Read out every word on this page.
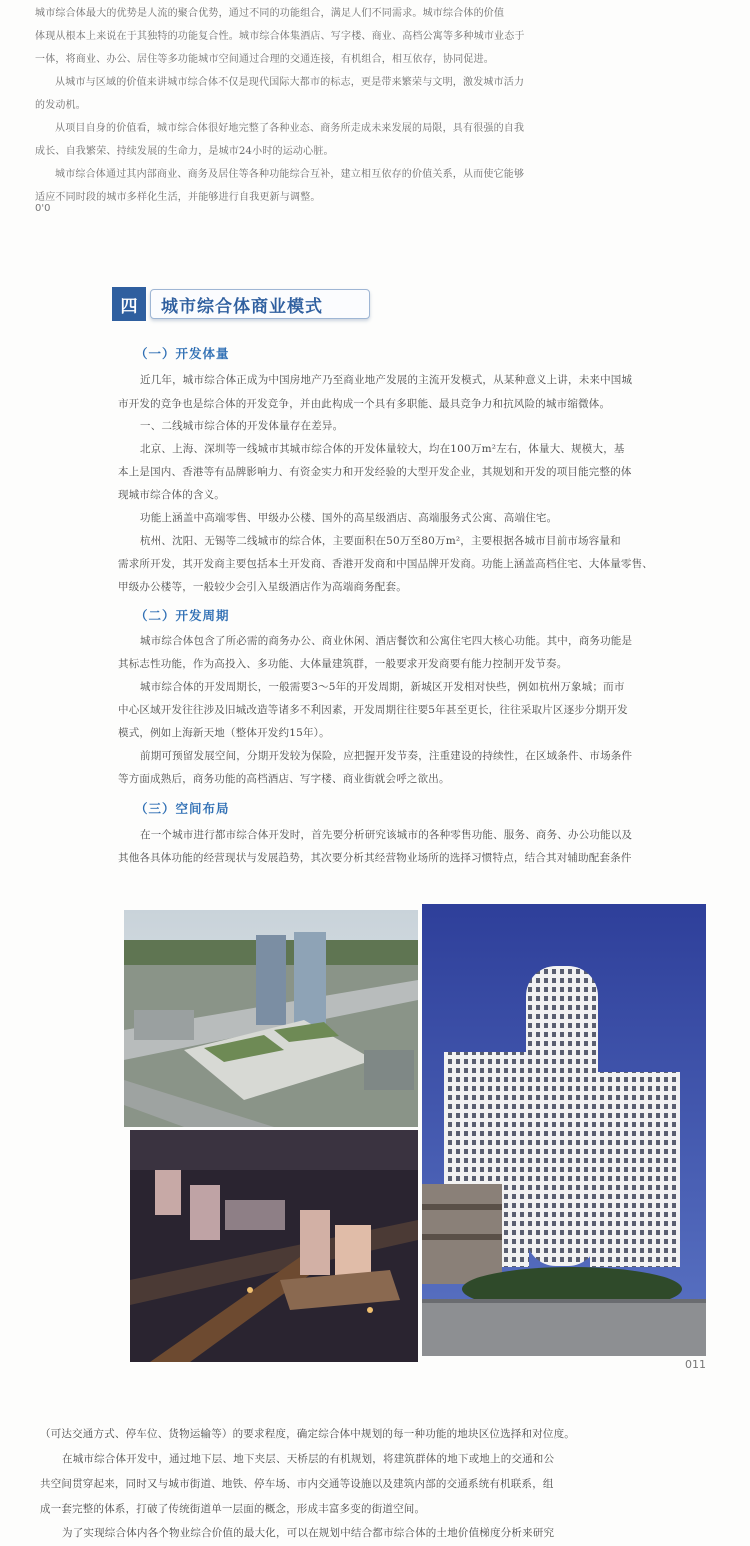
城市综合体最大的优势是人流的聚合优势，通过不同的功能组合，满足人们不同需求。城市综合体的价值
体现从根本上来说在于其独特的功能复合性。城市综合体集酒店、写字楼、商业、高档公寓等多种城市业态于
一体，将商业、办公、居住等多功能城市空间通过合理的交通连接，有机组合，相互依存，协同促进。
从城市与区域的价值来讲城市综合体不仅是现代国际大都市的标志，更是带来繁荣与文明，激发城市活力
的发动机。
从项目自身的价值看，城市综合体很好地完整了各种业态、商务所走成未来发展的局限，具有很强的自我
成长、自我繁荣、持续发展的生命力，是城市24小时的运动心脏。
城市综合体通过其内部商业、商务及居住等各种功能综合互补，建立相互依存的价值关系，从而使它能够
适应不同时段的城市多样化生活，并能够进行自我更新与调整。
0'0
四	城市综合体商业模式
（一）开发体量
近几年，城市综合体正成为中国房地产乃至商业地产发展的主流开发模式，从某种意义上讲，未来中国城
市开发的竞争也是综合体的开发竞争，并由此构成一个具有多职能、最具竞争力和抗风险的城市缩微体。
一、二线城市综合体的开发体量存在差异。
北京、上海、深圳等一线城市其城市综合体的开发体量较大，均在100万m²左右，体量大、规模大，基
本上是国内、香港等有品牌影响力、有资金实力和开发经验的大型开发企业，其规划和开发的项目能完整的体
现城市综合体的含义。
功能上涵盖中高端零售、甲级办公楼、国外的高星级酒店、高端服务式公寓、高端住宅。
杭州、沈阳、无锡等二线城市的综合体，主要面积在50万至80万m²，主要根据各城市目前市场容量和
需求所开发，其开发商主要包括本土开发商、香港开发商和中国品牌开发商。功能上涵盖高档住宅、大体量零售、
甲级办公楼等，一般较少会引入星级酒店作为高端商务配套。
（二）开发周期
城市综合体包含了所必需的商务办公、商业休闲、酒店餐饮和公寓住宅四大核心功能。其中，商务功能是
其标志性功能，作为高投入、多功能、大体量建筑群，一般要求开发商要有能力控制开发节奏。
城市综合体的开发周期长，一般需要3～5年的开发周期，新城区开发相对快些，例如杭州万象城；而市
中心区域开发往往涉及旧城改造等诸多不利因素，开发周期往往要5年甚至更长，往往采取片区逐步分期开发
模式，例如上海新天地（整体开发约15年）。
前期可预留发展空间，分期开发较为保险，应把握开发节奏，注重建设的持续性，在区域条件、市场条件
等方面成熟后，商务功能的高档酒店、写字楼、商业街就会呼之欲出。
（三）空间布局
在一个城市进行都市综合体开发时，首先要分析研究该城市的各种零售功能、服务、商务、办公功能以及
其他各具体功能的经营现状与发展趋势，其次要分析其经营物业场所的选择习惯特点，结合其对辅助配套条件
011
（可达交通方式、停车位、货物运输等）的要求程度，确定综合体中规划的每一种功能的地块区位选择和对位度。
在城市综合体开发中，通过地下层、地下夹层、天桥层的有机规划，将建筑群体的地下或地上的交通和公
共空间贯穿起来，同时又与城市街道、地铁、停车场、市内交通等设施以及建筑内部的交通系统有机联系，组
成一套完整的体系，打破了传统街道单一层面的概念，形成丰富多变的街道空间。
为了实现综合体内各个物业综合价值的最大化，可以在规划中结合都市综合体的土地价值梯度分析来研究
